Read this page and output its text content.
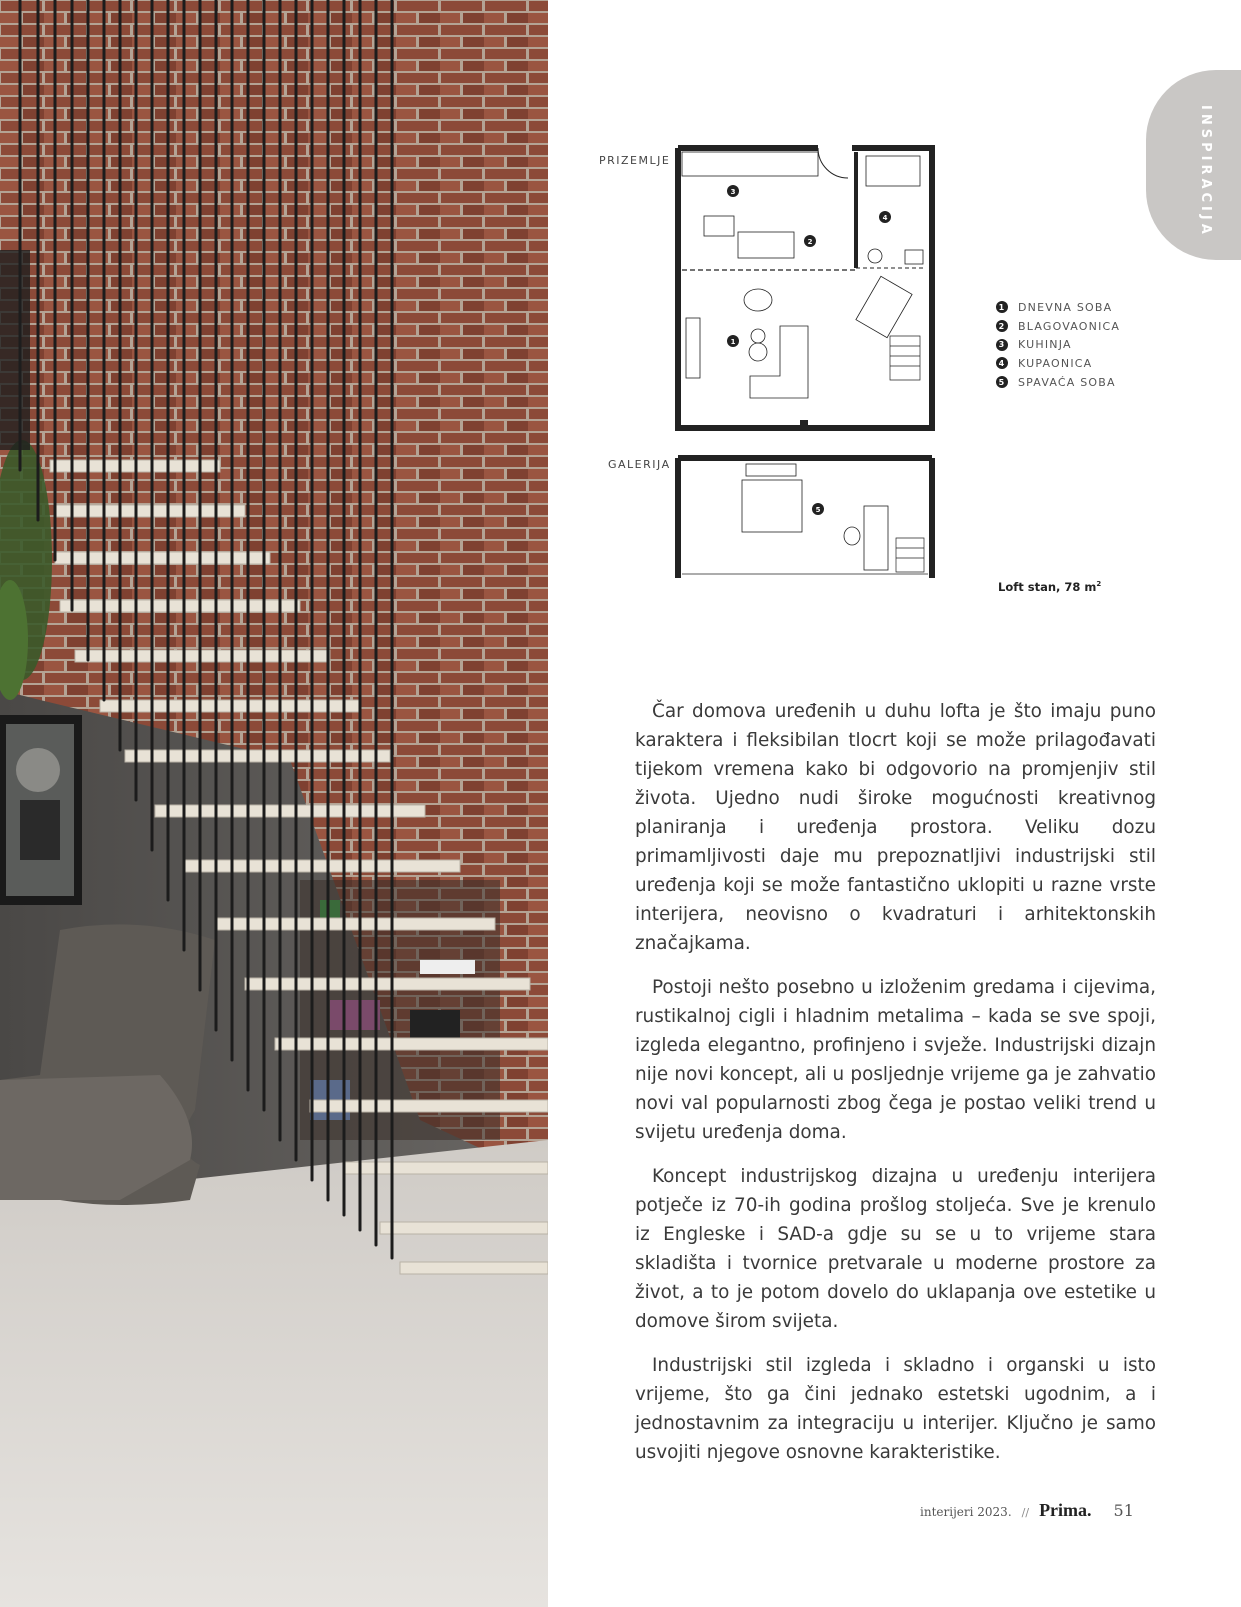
INSPIRACIJA
PRIZEMLJE
GALERIJA
3
2
4
1
5
1 DNEVNA SOBA
2 BLAGOVAONICA
3 KUHINJA
4 KUPAONICA
5 SPAVAĆA SOBA
Loft stan, 78 $m^2$

Čar domova uređenih u duhu lofta je što imaju puno karaktera i fleksibilan tlocrt koji se može prilagođavati tijekom vremena kako bi odgovorio na promjenjiv stil života. Ujedno nudi široke mogućnosti kreativnog planiranja i uređenja prostora. Veliku dozu primamljivosti daje mu prepoznatljivi industrijski stil uređenja koji se može fantastično uklopiti u razne vrste interijera, neovisno o kvadraturi i arhitektonskih značajkama.

Postoji nešto posebno u izloženim gredama i cijevima, rustikalnoj cigli i hladnim metalima – kada se sve spoji, izgleda elegantno, profinjeno i svježe. Industrijski dizajn nije novi koncept, ali u posljednje vrijeme ga je zahvatio novi val popularnosti zbog čega je postao veliki trend u svijetu uređenja doma.

Koncept industrijskog dizajna u uređenju interijera potječe iz 70-ih godina prošlog stoljeća. Sve je krenulo iz Engleske i SAD-a gdje su se u to vrijeme stara skladišta i tvornice pretvarale u moderne prostore za život, a to je potom dovelo do uklapanja ove estetike u domove širom svijeta.

Industrijski stil izgleda i skladno i organski u isto vrijeme, što ga čini jednako estetski ugodnim, a i jednostavnim za integraciju u interijer. Ključno je samo usvojiti njegove osnovne karakteristike.

interijeri 2023. // Prima. 51
